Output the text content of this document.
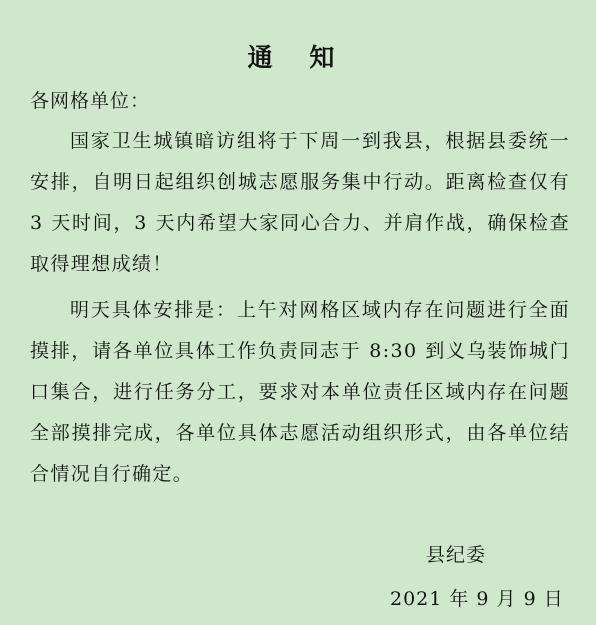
通 知
各网格单位：

国家卫生城镇暗访组将于下周一到我县，根据县委统一安排，自明日起组织创城志愿服务集中行动。距离检查仅有 3 天时间，3 天内希望大家同心合力、并肩作战，确保检查取得理想成绩！

明天具体安排是：上午对网格区域内存在问题进行全面摸排，请各单位具体工作负责同志于 8:30 到义乌装饰城门口集合，进行任务分工，要求对本单位责任区域内存在问题全部摸排完成，各单位具体志愿活动组织形式，由各单位结合情况自行确定。

县纪委
2021 年 9 月 9 日
